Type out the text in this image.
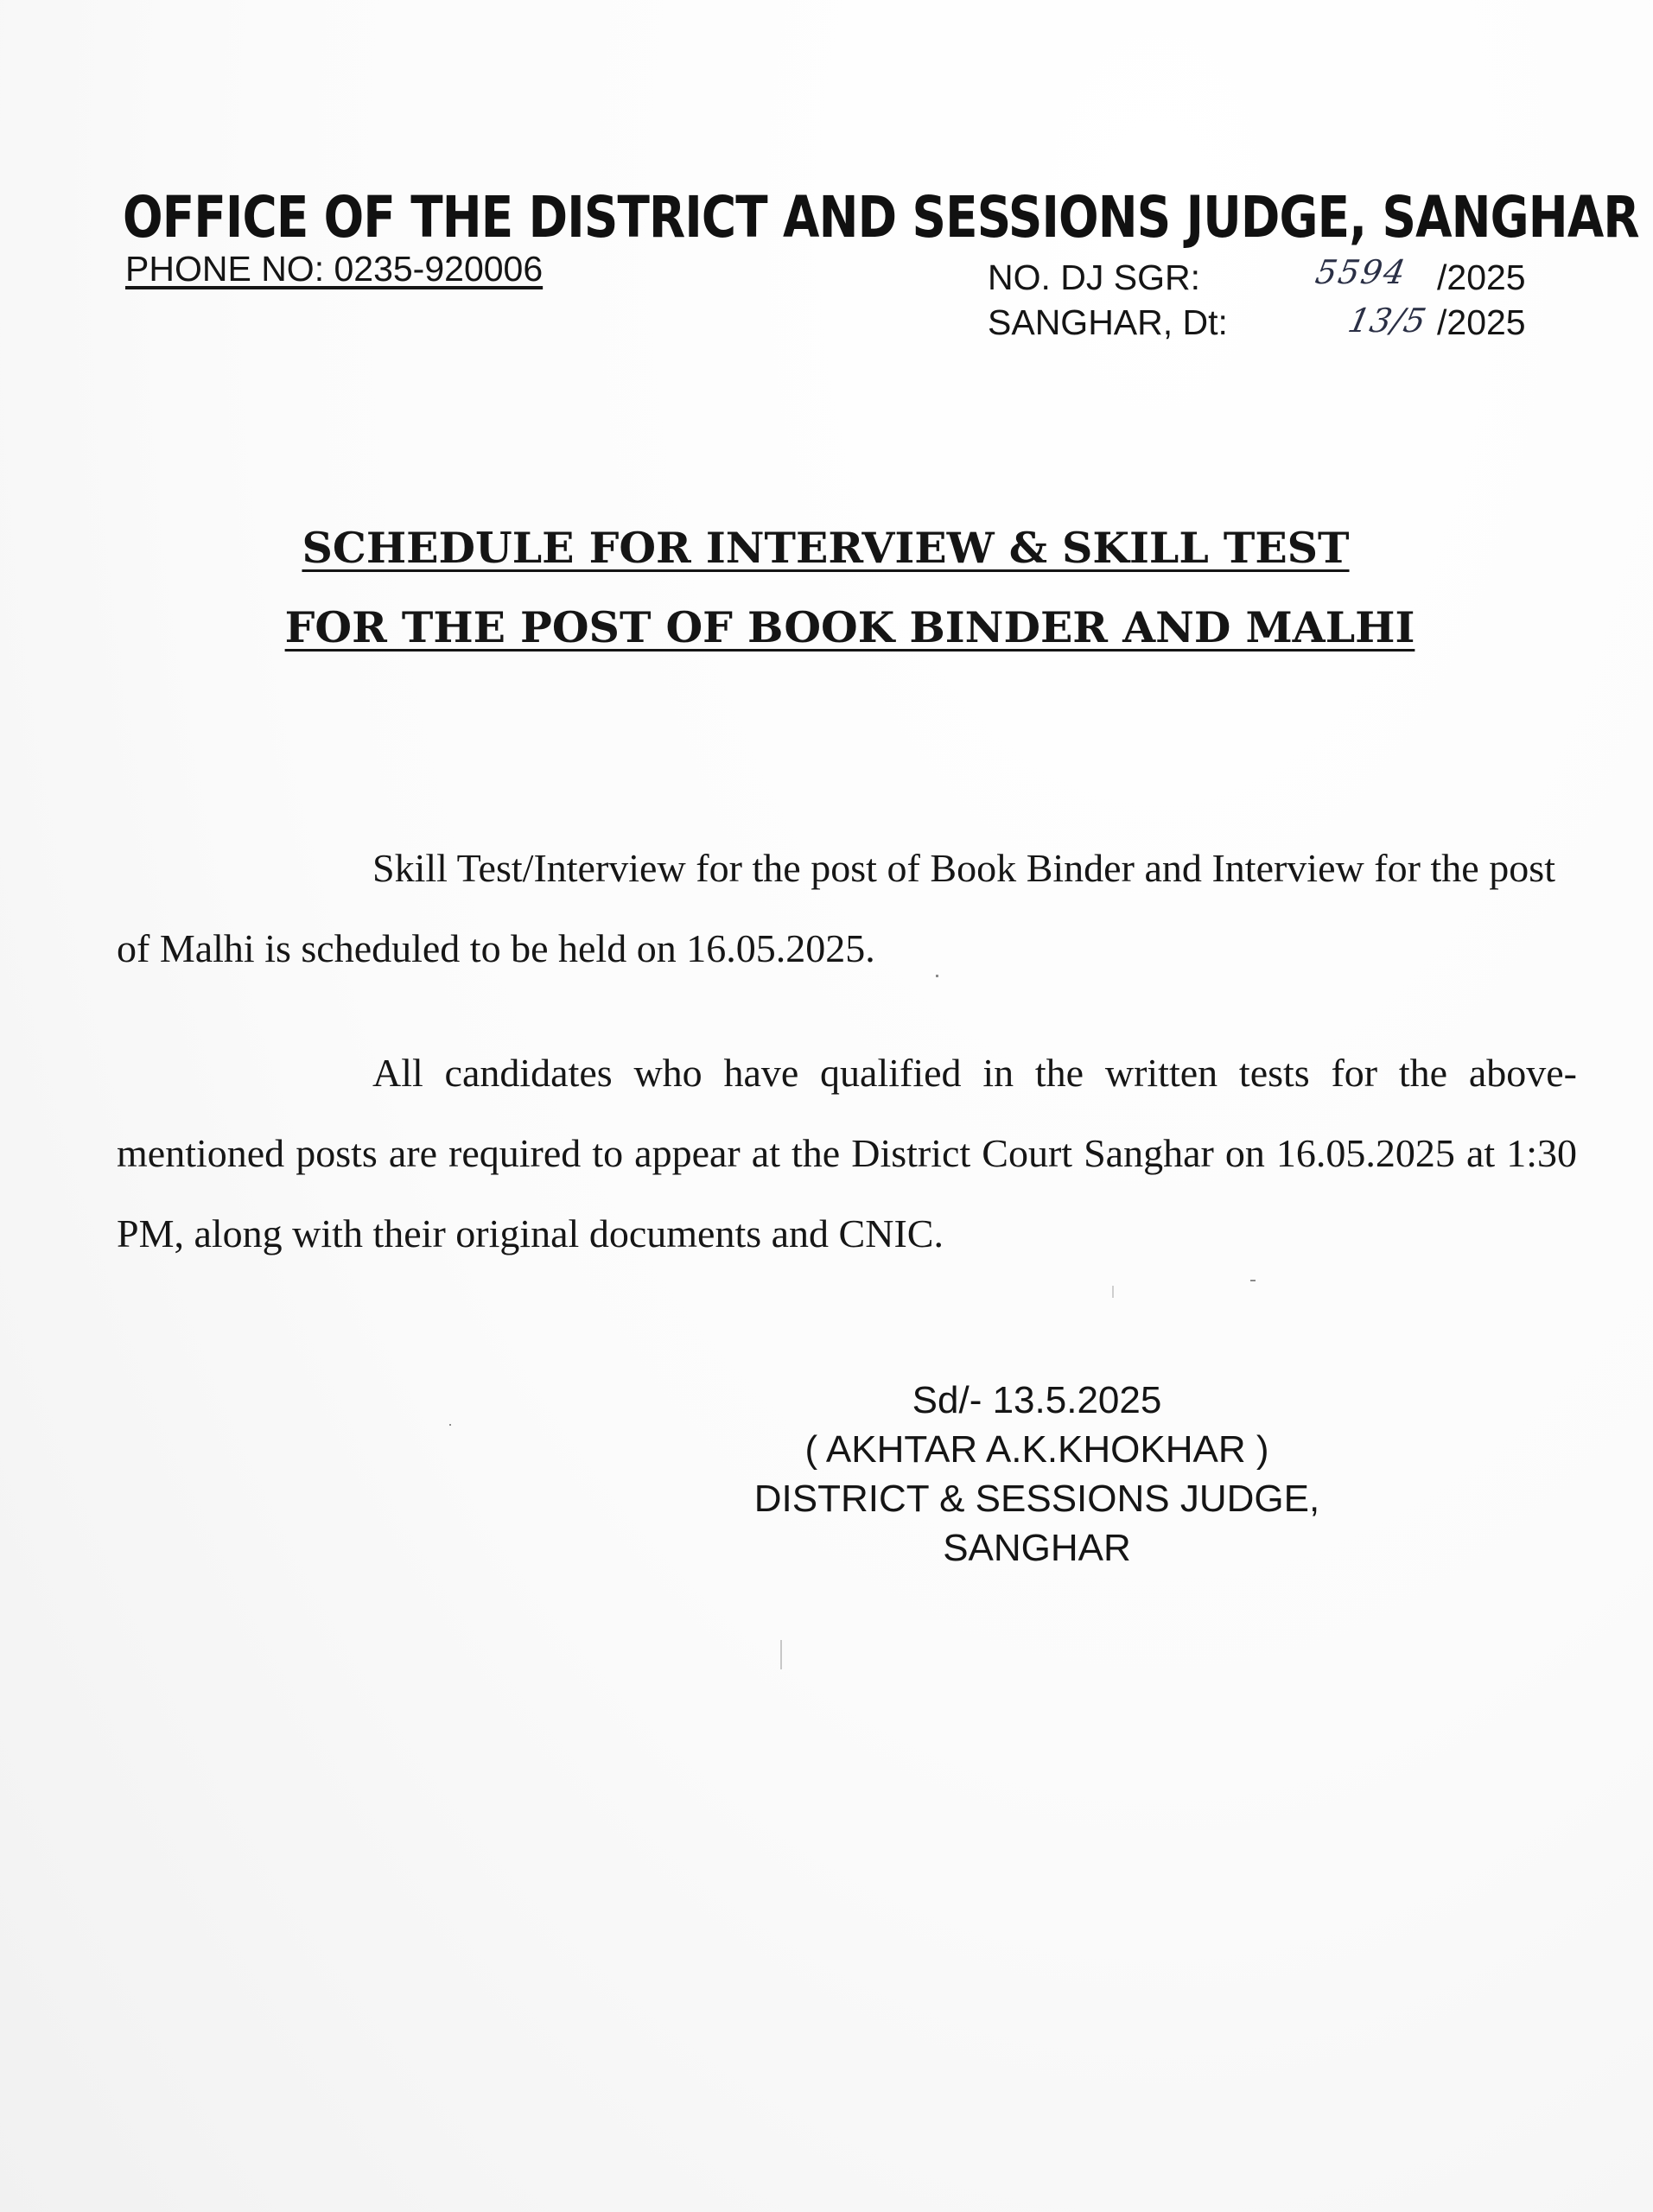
OFFICE OF THE DISTRICT AND SESSIONS JUDGE, SANGHAR
PHONE NO: 0235-920006	NO. DJ SGR:	5594 /2025
SANGHAR, Dt:	13/5 /2025
SCHEDULE FOR INTERVIEW & SKILL TEST
FOR THE POST OF BOOK BINDER AND MALHI

Skill Test/Interview for the post of Book Binder and Interview for the post of Malhi is scheduled to be held on 16.05.2025.

All candidates who have qualified in the written tests for the above-mentioned posts are required to appear at the District Court Sanghar on 16.05.2025 at 1:30 PM, along with their original documents and CNIC.

Sd/- 13.5.2025
( AKHTAR A.K.KHOKHAR )
DISTRICT & SESSIONS JUDGE,
SANGHAR
